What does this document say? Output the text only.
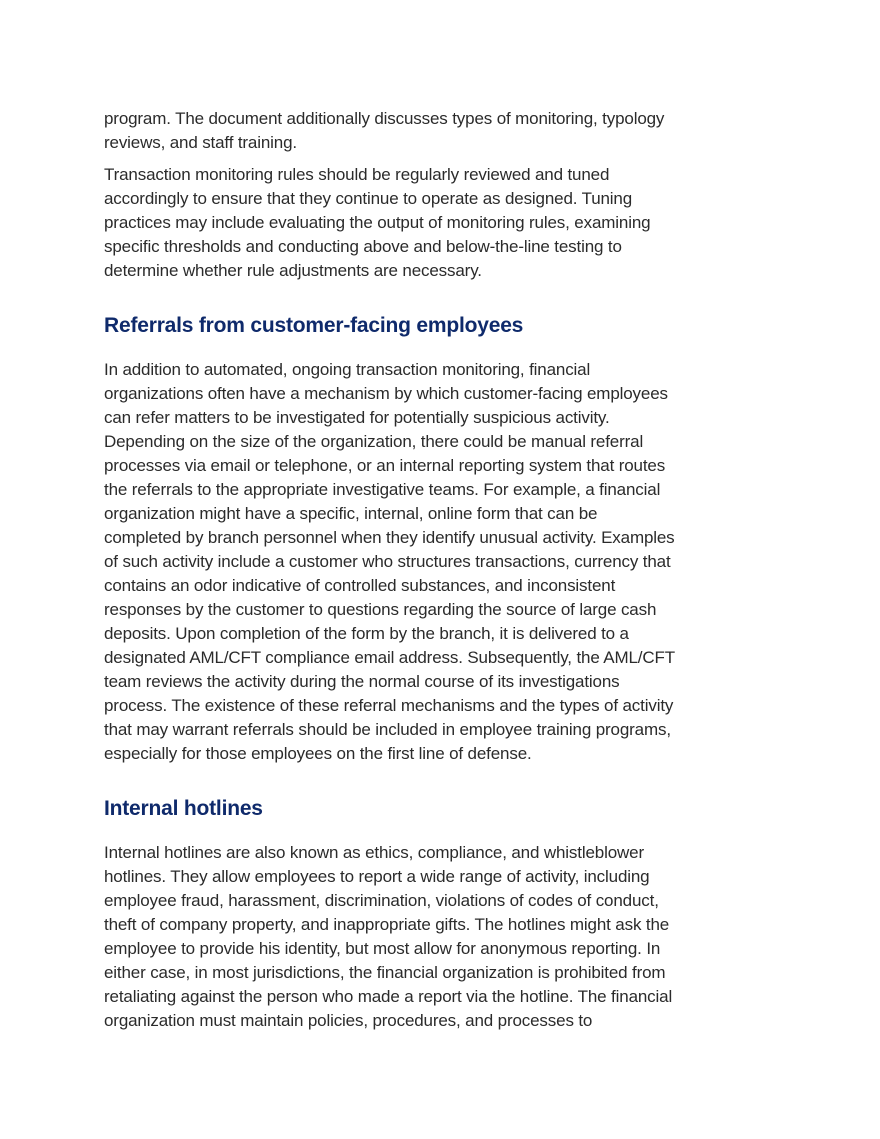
program. The document additionally discusses types of monitoring, typology
reviews, and staff training.

Transaction monitoring rules should be regularly reviewed and tuned
accordingly to ensure that they continue to operate as designed. Tuning
practices may include evaluating the output of monitoring rules, examining
specific thresholds and conducting above and below-the-line testing to
determine whether rule adjustments are necessary.

Referrals from customer-facing employees

In addition to automated, ongoing transaction monitoring, financial
organizations often have a mechanism by which customer-facing employees
can refer matters to be investigated for potentially suspicious activity.
Depending on the size of the organization, there could be manual referral
processes via email or telephone, or an internal reporting system that routes
the referrals to the appropriate investigative teams. For example, a financial
organization might have a specific, internal, online form that can be
completed by branch personnel when they identify unusual activity. Examples
of such activity include a customer who structures transactions, currency that
contains an odor indicative of controlled substances, and inconsistent
responses by the customer to questions regarding the source of large cash
deposits. Upon completion of the form by the branch, it is delivered to a
designated AML/CFT compliance email address. Subsequently, the AML/CFT
team reviews the activity during the normal course of its investigations
process. The existence of these referral mechanisms and the types of activity
that may warrant referrals should be included in employee training programs,
especially for those employees on the first line of defense.

Internal hotlines

Internal hotlines are also known as ethics, compliance, and whistleblower
hotlines. They allow employees to report a wide range of activity, including
employee fraud, harassment, discrimination, violations of codes of conduct,
theft of company property, and inappropriate gifts. The hotlines might ask the
employee to provide his identity, but most allow for anonymous reporting. In
either case, in most jurisdictions, the financial organization is prohibited from
retaliating against the person who made a report via the hotline. The financial
organization must maintain policies, procedures, and processes to
